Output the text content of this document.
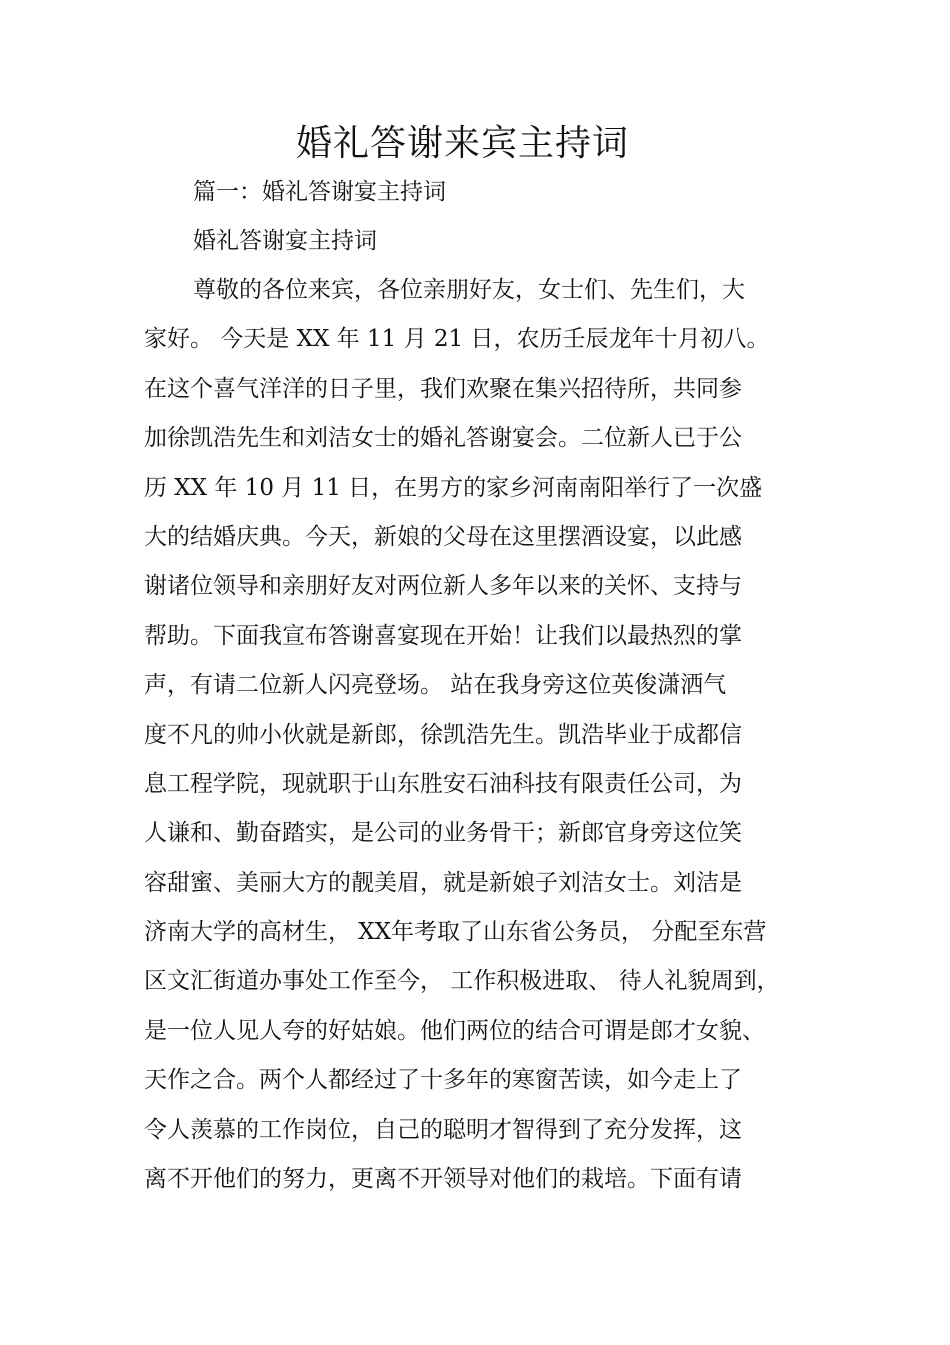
婚礼答谢来宾主持词

篇一：婚礼答谢宴主持词

婚礼答谢宴主持词

尊敬的各位来宾，各位亲朋好友，女士们、先生们，大

家好。 今天是 XX 年 11 月 21 日，农历壬辰龙年十月初八。

在这个喜气洋洋的日子里，我们欢聚在集兴招待所，共同参

加徐凯浩先生和刘洁女士的婚礼答谢宴会。二位新人已于公

历 XX 年 10 月 11 日，在男方的家乡河南南阳举行了一次盛

大的结婚庆典。今天，新娘的父母在这里摆酒设宴，以此感

谢诸位领导和亲朋好友对两位新人多年以来的关怀、支持与

帮助。下面我宣布答谢喜宴现在开始！让我们以最热烈的掌

声，有请二位新人闪亮登场。 站在我身旁这位英俊潇洒气

度不凡的帅小伙就是新郎，徐凯浩先生。凯浩毕业于成都信

息工程学院，现就职于山东胜安石油科技有限责任公司，为

人谦和、勤奋踏实，是公司的业务骨干；新郎官身旁这位笑

容甜蜜、美丽大方的靓美眉，就是新娘子刘洁女士。刘洁是

济南大学的高材生， XX年考取了山东省公务员， 分配至东营

区文汇街道办事处工作至今， 工作积极进取、 待人礼貌周到，

是一位人见人夸的好姑娘。他们两位的结合可谓是郎才女貌、

天作之合。两个人都经过了十多年的寒窗苦读，如今走上了

令人羡慕的工作岗位，自己的聪明才智得到了充分发挥，这

离不开他们的努力，更离不开领导对他们的栽培。下面有请
